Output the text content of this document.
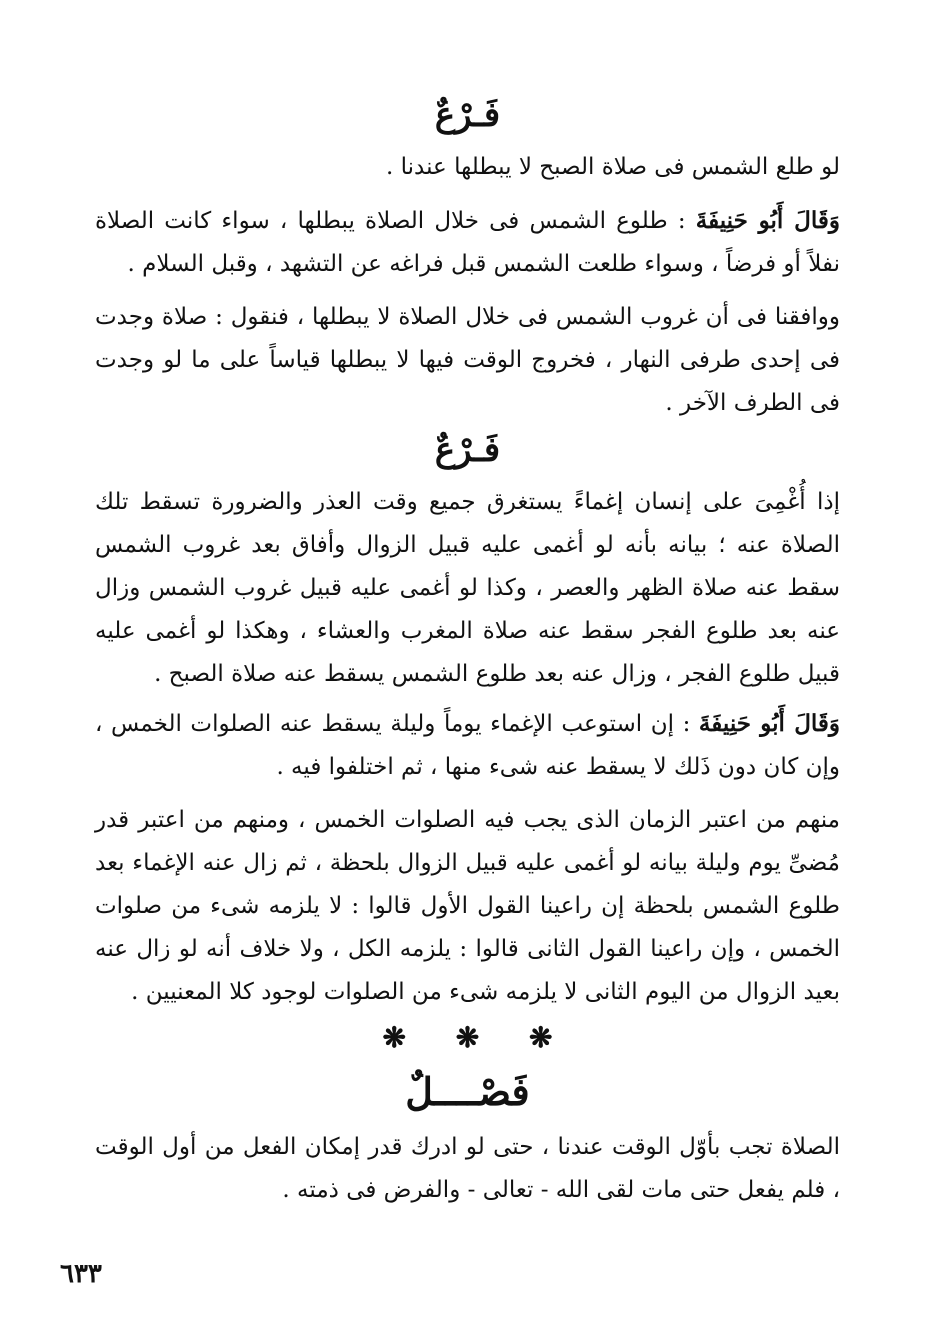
فَـرْعٌ

لو طلع الشمس فى صلاة الصبح لا يبطلها عندنا .

وَقَالَ أَبُو حَنِيفَةَ : طلوع الشمس فى خلال الصلاة يبطلها ، سواء كانت الصلاة نفلاً أو فرضاً ، وسواء طلعت الشمس قبل فراغه عن التشهد ، وقبل السلام .

ووافقنا فى أن غروب الشمس فى خلال الصلاة لا يبطلها ، فنقول : صلاة وجدت فى إحدى طرفى النهار ، فخروج الوقت فيها لا يبطلها قياساً على ما لو وجدت فى الطرف الآخر .

فَـرْعٌ

إذا أُغْمِىَ على إنسان إغماءً يستغرق جميع وقت العذر والضرورة تسقط تلك الصلاة عنه ؛ بيانه بأنه لو أغمى عليه قبيل الزوال وأفاق بعد غروب الشمس سقط عنه صلاة الظهر والعصر ، وكذا لو أغمى عليه قبيل غروب الشمس وزال عنه بعد طلوع الفجر سقط عنه صلاة المغرب والعشاء ، وهكذا لو أغمى عليه قبيل طلوع الفجر ، وزال عنه بعد طلوع الشمس يسقط عنه صلاة الصبح .

وَقَالَ أَبُو حَنِيفَةَ : إن استوعب الإغماء يوماً وليلة يسقط عنه الصلوات الخمس ، وإن كان دون ذَلك لا يسقط عنه شىء منها ، ثم اختلفوا فيه .

منهم من اعتبر الزمان الذى يجب فيه الصلوات الخمس ، ومنهم من اعتبر قدر مُضىِّ يوم وليلة بيانه لو أغمى عليه قبيل الزوال بلحظة ، ثم زال عنه الإغماء بعد طلوع الشمس بلحظة إن راعينا القول الأول قالوا : لا يلزمه شىء من صلوات الخمس ، وإن راعينا القول الثانى قالوا : يلزمه الكل ، ولا خلاف أنه لو زال عنه بعيد الزوال من اليوم الثانى لا يلزمه شىء من الصلوات لوجود كلا المعنيين .

❋ ❋ ❋
فَصْــــلٌ

الصلاة تجب بأوّل الوقت عندنا ، حتى لو ادرك قدر إمكان الفعل من أول الوقت ، فلم يفعل حتى مات لقى الله - تعالى - والفرض فى ذمته .

٦٣٣
